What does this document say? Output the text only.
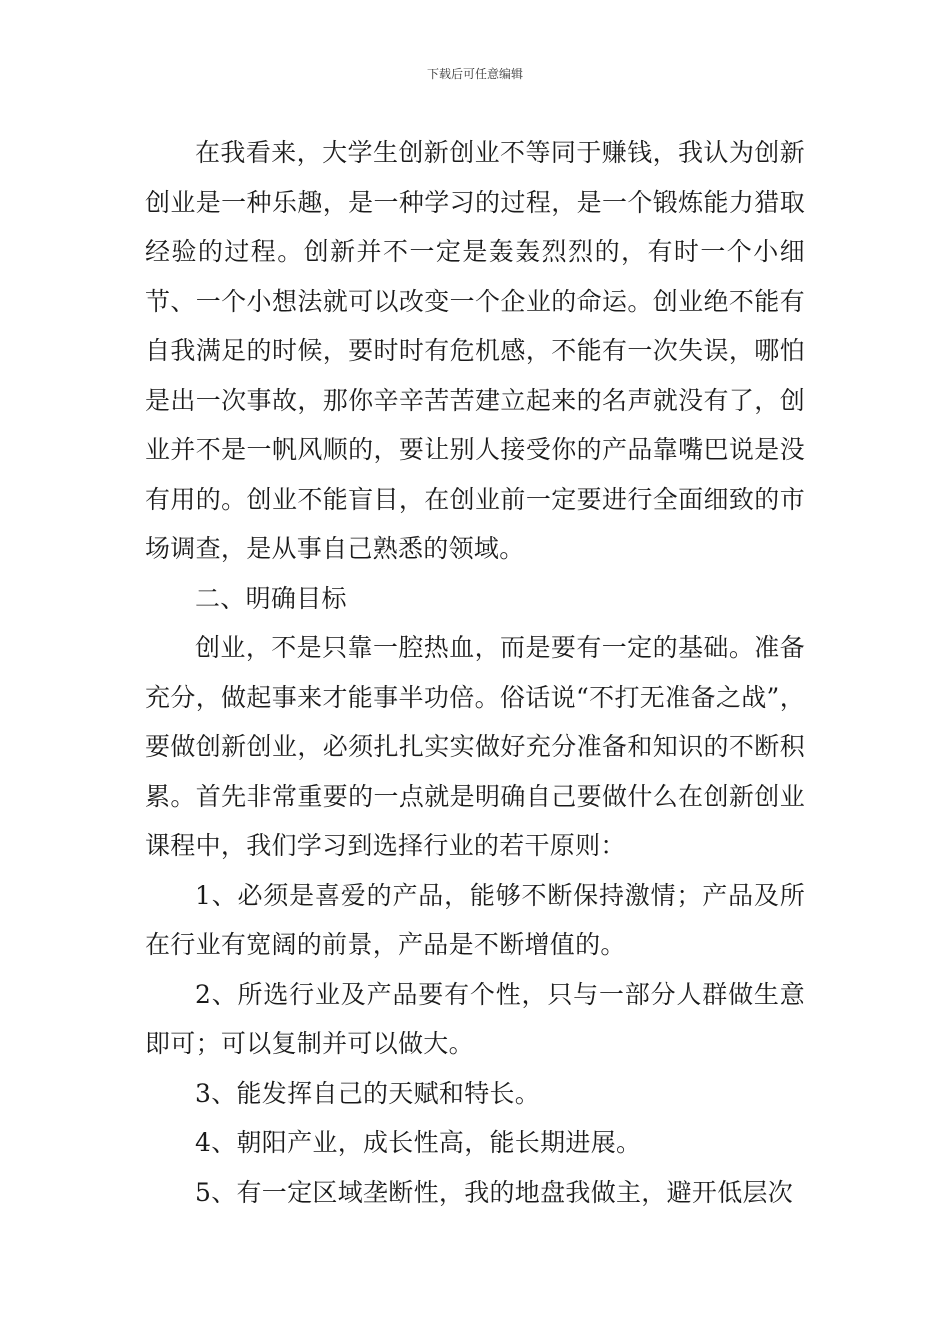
下载后可任意编辑

在我看来，大学生创新创业不等同于赚钱，我认为创新创业是一种乐趣，是一种学习的过程，是一个锻炼能力猎取经验的过程。创新并不一定是轰轰烈烈的，有时一个小细节、一个小想法就可以改变一个企业的命运。创业绝不能有自我满足的时候，要时时有危机感，不能有一次失误，哪怕是出一次事故，那你辛辛苦苦建立起来的名声就没有了，创业并不是一帆风顺的，要让别人接受你的产品靠嘴巴说是没有用的。创业不能盲目，在创业前一定要进行全面细致的市场调查，是从事自己熟悉的领域。

二、明确目标

创业，不是只靠一腔热血，而是要有一定的基础。准备充分，做起事来才能事半功倍。俗话说“不打无准备之战”，要做创新创业，必须扎扎实实做好充分准备和知识的不断积累。首先非常重要的一点就是明确自己要做什么在创新创业课程中，我们学习到选择行业的若干原则：

1、必须是喜爱的产品，能够不断保持激情；产品及所在行业有宽阔的前景，产品是不断增值的。

2、所选行业及产品要有个性，只与一部分人群做生意即可；可以复制并可以做大。

3、能发挥自己的天赋和特长。

4、朝阳产业，成长性高，能长期进展。

5、有一定区域垄断性，我的地盘我做主，避开低层次
